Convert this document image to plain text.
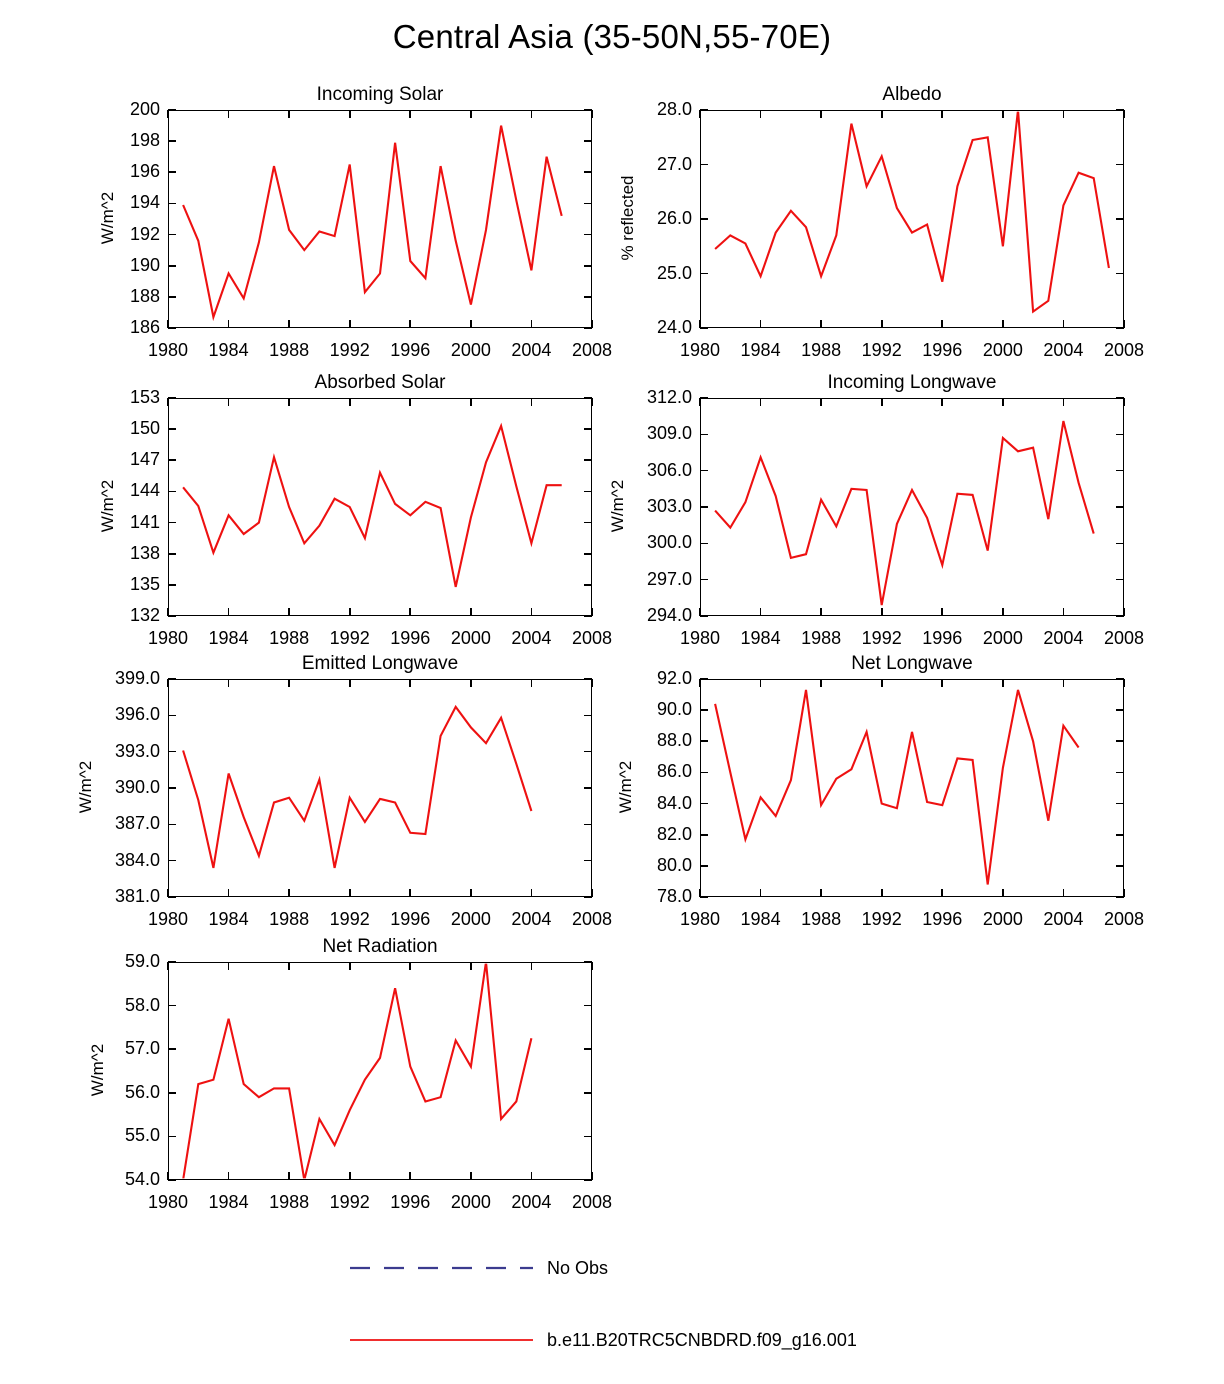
Central Asia (35-50N,55-70E)
Incoming Solar
W/m^2
186
188
190
192
194
196
198
200
1980	1984	1988	1992	1996	2000	2004	2008
Albedo
% reflected
24.0
25.0
26.0
27.0
28.0
1980	1984	1988	1992	1996	2000	2004	2008
Absorbed Solar
W/m^2
132
135
138
141
144
147
150
153
1980	1984	1988	1992	1996	2000	2004	2008
Incoming Longwave
W/m^2
294.0
297.0
300.0
303.0
306.0
309.0
312.0
1980	1984	1988	1992	1996	2000	2004	2008
Emitted Longwave
W/m^2
381.0
384.0
387.0
390.0
393.0
396.0
399.0
1980	1984	1988	1992	1996	2000	2004	2008
Net Longwave
W/m^2
78.0
80.0
82.0
84.0
86.0
88.0
90.0
92.0
1980	1984	1988	1992	1996	2000	2004	2008
Net Radiation
W/m^2
54.0
55.0
56.0
57.0
58.0
59.0
1980	1984	1988	1992	1996	2000	2004	2008
No Obs
b.e11.B20TRC5CNBDRD.f09_g16.001
